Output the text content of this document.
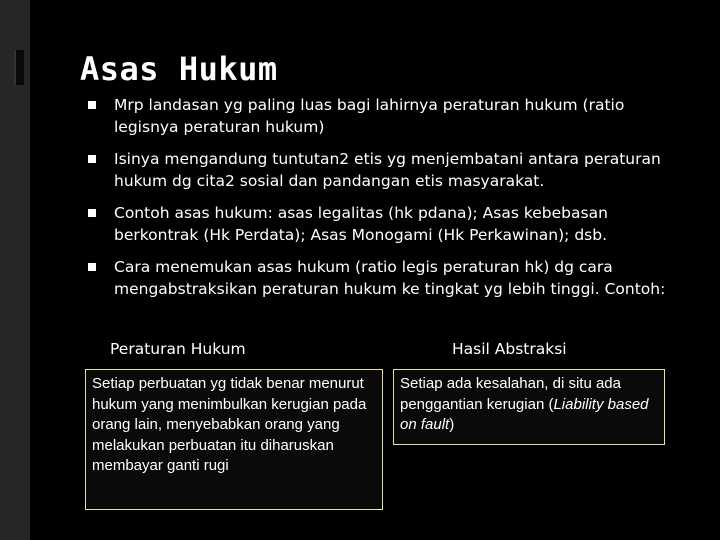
Asas Hukum
Mrp landasan yg paling luas bagi lahirnya peraturan hukum (ratio legisnya peraturan hukum)
Isinya mengandung tuntutan2 etis yg menjembatani antara peraturan hukum dg cita2 sosial dan pandangan etis masyarakat.
Contoh asas hukum: asas legalitas (hk pdana); Asas kebebasan berkontrak (Hk Perdata); Asas Monogami (Hk Perkawinan); dsb.
Cara menemukan asas hukum (ratio legis peraturan hk) dg cara mengabstraksikan peraturan hukum ke tingkat yg lebih tinggi. Contoh:
Peraturan Hukum	Hasil Abstraksi
Setiap perbuatan yg tidak benar menurut hukum yang menimbulkan kerugian pada orang lain, menyebabkan orang yang melakukan perbuatan itu diharuskan membayar ganti rugi
Setiap ada kesalahan, di situ ada penggantian kerugian (Liability based on fault)
